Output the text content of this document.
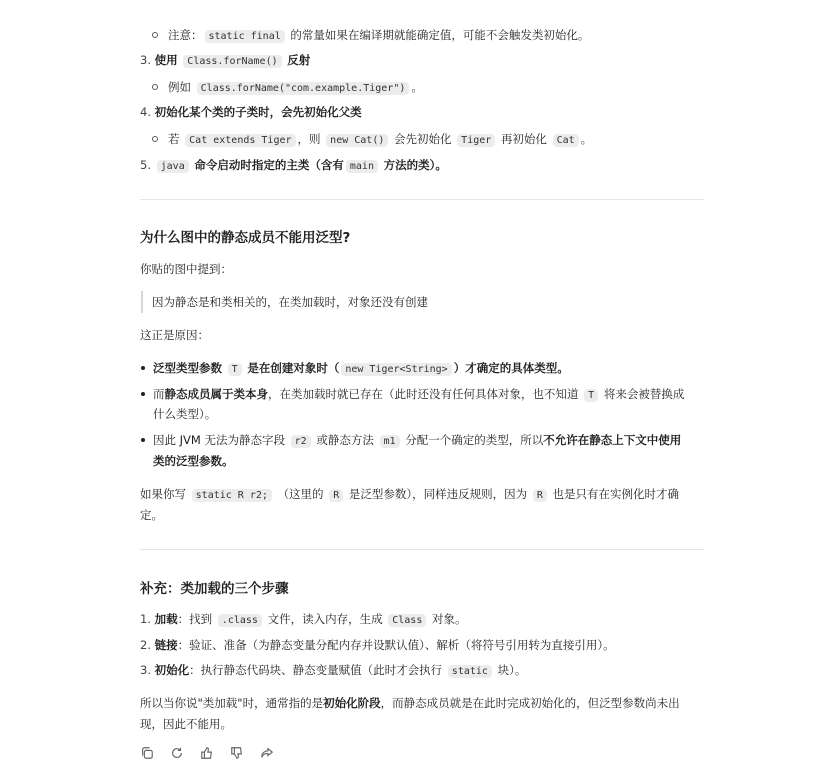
注意： static final 的常量如果在编译期就能确定值，可能不会触发类初始化。
3. 使用 Class.forName() 反射
例如 Class.forName("com.example.Tiger") 。
4. 初始化某个类的子类时，会先初始化父类
若 Cat extends Tiger ，则 new Cat() 会先初始化 Tiger 再初始化 Cat 。
5. java 命令启动时指定的主类（含有 main 方法的类）。
为什么图中的静态成员不能用泛型?
你贴的图中提到：
因为静态是和类相关的，在类加载时，对象还没有创建
这正是原因：
泛型类型参数 T 是在创建对象时（ new Tiger<String> ）才确定的具体类型。
而静态成员属于类本身，在类加载时就已存在（此时还没有任何具体对象，也不知道 T 将来会被替换成
什么类型）。
因此 JVM 无法为静态字段 r2 或静态方法 m1 分配一个确定的类型，所以不允许在静态上下文中使用
类的泛型参数。
如果你写 static R r2; （这里的 R 是泛型参数），同样违反规则，因为 R 也是只有在实例化时才确
定。
补充：类加载的三个步骤
1. 加载：找到 .class 文件，读入内存，生成 Class 对象。
2. 链接：验证、准备（为静态变量分配内存并设默认值）、解析（将符号引用转为直接引用）。
3. 初始化：执行静态代码块、静态变量赋值（此时才会执行 static 块）。
所以当你说"类加载"时，通常指的是初始化阶段，而静态成员就是在此时完成初始化的，但泛型参数尚未出
现，因此不能用。
